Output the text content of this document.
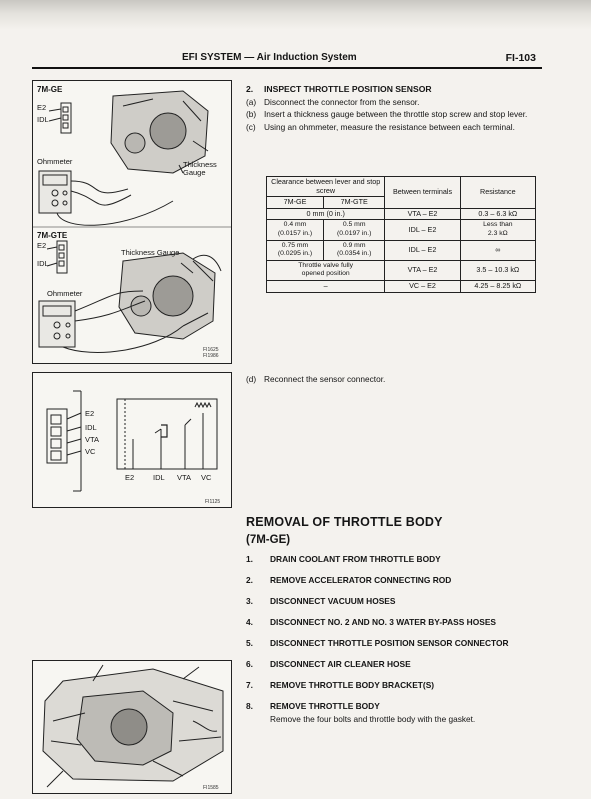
EFI SYSTEM — Air Induction System	FI-103
7M-GE
E2
IDL
Ohmmeter	Thickness Gauge
7M-GTE
E2
IDL
Thickness Gauge
Ohmmeter
FI1625
FI1986
E2
IDL
VTA
VC
E2	IDL VTA VC
FI1125
FI1585
2.	INSPECT THROTTLE POSITION SENSOR
(a) Disconnect the connector from the sensor.
(b) Insert a thickness gauge between the throttle stop screw and stop lever.
(c)	Using an ohmmeter, measure the resistance between each terminal.
Clearance between lever and stop screw		Between terminals	Resistance
7M-GE	7M-GTE		
0 mm (0 in.)		VTA – E2	0.3 – 6.3 kΩ
0.4 mm
(0.0157 in.)	0.5 mm
(0.0197 in.)	IDL – E2	Less than
2.3 kΩ
0.75 mm
(0.0295 in.)	0.9 mm
(0.0354 in.)	IDL – E2	∞
Throttle valve fully
opened position		VTA – E2	3.5 – 10.3 kΩ
–		VC – E2	4.25 – 8.25 kΩ
(d) Reconnect the sensor connector.
REMOVAL OF THROTTLE BODY
(7M-GE)
1.	DRAIN COOLANT FROM THROTTLE BODY
2.	REMOVE ACCELERATOR CONNECTING ROD
3.	DISCONNECT VACUUM HOSES
4.	DISCONNECT NO. 2 AND NO. 3 WATER BY-PASS HOSES
5.	DISCONNECT THROTTLE POSITION SENSOR CONNECTOR
6.	DISCONNECT AIR CLEANER HOSE
7.	REMOVE THROTTLE BODY BRACKET(S)
8.	REMOVE THROTTLE BODY
Remove the four bolts and throttle body with the gasket.
